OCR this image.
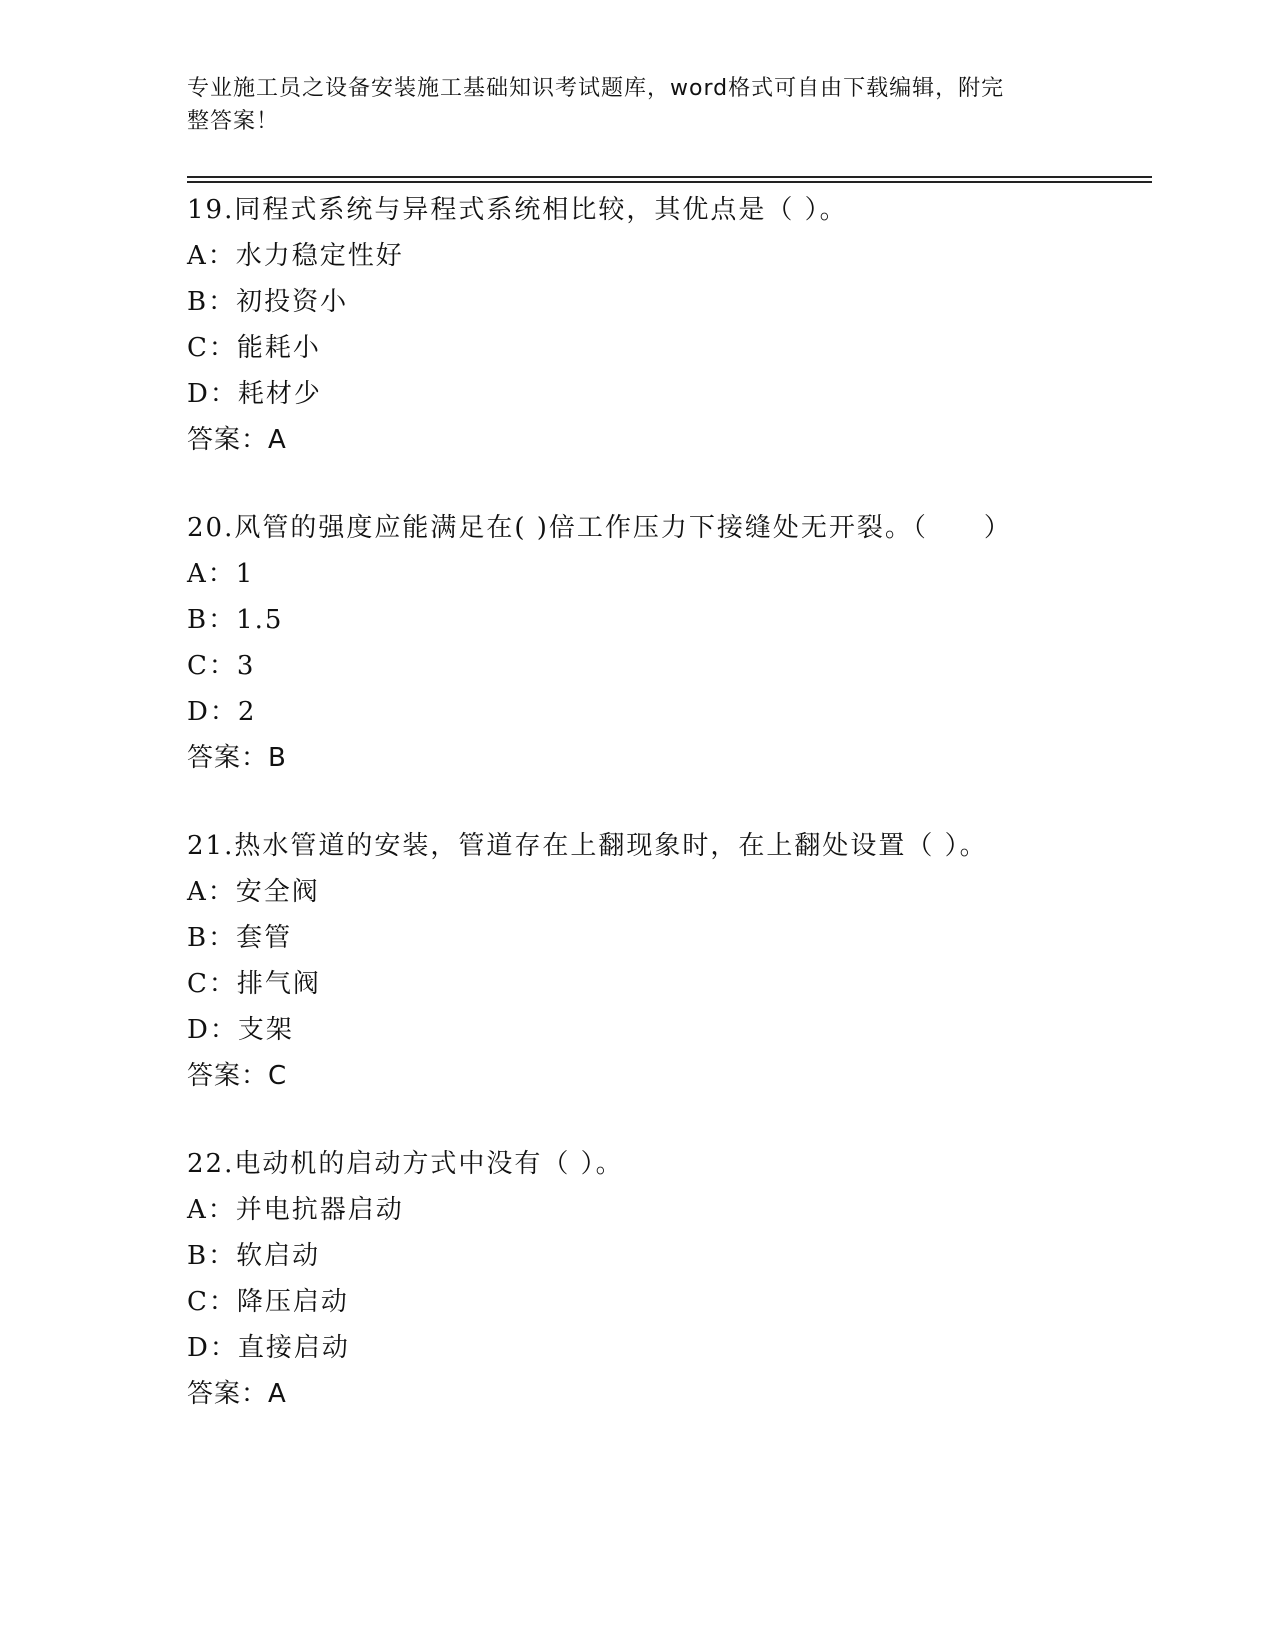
专业施工员之设备安装施工基础知识考试题库，word格式可自由下载编辑，附完
整答案！
19.同程式系统与异程式系统相比较，其优点是（ ）。
A：水力稳定性好
B：初投资小
C：能耗小
D：耗材少
答案：A
20.风管的强度应能满足在( )倍工作压力下接缝处无开裂。（　　）
A：1
B：1.5
C：3
D：2
答案：B
21.热水管道的安装，管道存在上翻现象时，在上翻处设置（ ）。
A：安全阀
B：套管
C：排气阀
D：支架
答案：C
22.电动机的启动方式中没有（ ）。
A：并电抗器启动
B：软启动
C：降压启动
D：直接启动
答案：A
